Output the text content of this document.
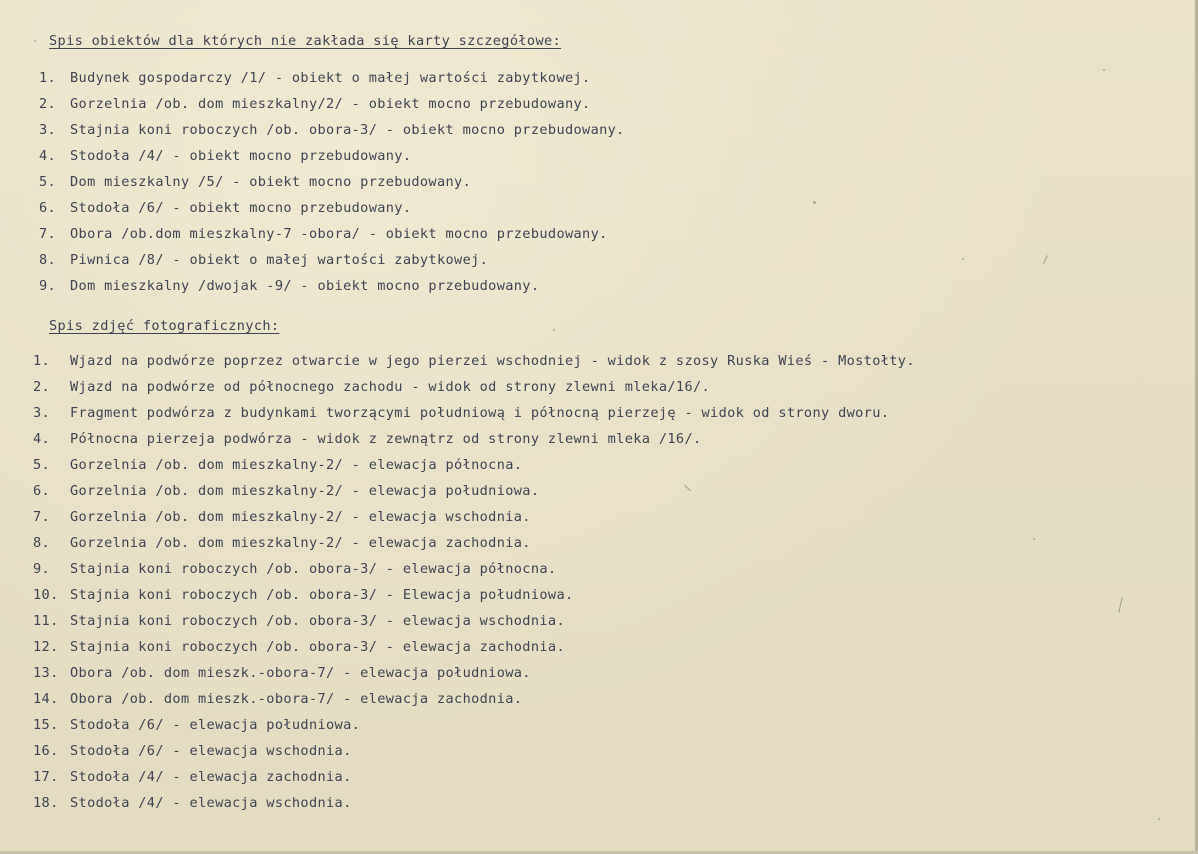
Spis obiektów dla których nie zakłada się karty szczegółowe:
1.	Budynek gospodarczy /1/ - obiekt o małej wartości zabytkowej.
2.	Gorzelnia /ob. dom mieszkalny/2/ - obiekt mocno przebudowany.
3.	Stajnia koni roboczych /ob. obora-3/ - obiekt mocno przebudowany.
4.	Stodoła /4/ - obiekt mocno przebudowany.
5.	Dom mieszkalny /5/ - obiekt mocno przebudowany.
6.	Stodoła /6/ - obiekt mocno przebudowany.
7.	Obora /ob.dom mieszkalny-7 -obora/ - obiekt mocno przebudowany.
8.	Piwnica /8/ - obiekt o małej wartości zabytkowej.
9.	Dom mieszkalny /dwojak -9/ - obiekt mocno przebudowany.
Spis zdjęć fotograficznych:
1.	Wjazd na podwórze poprzez otwarcie w jego pierzei wschodniej - widok z szosy Ruska Wieś - Mostołty.
2.	Wjazd na podwórze od północnego zachodu - widok od strony zlewni mleka/16/.
3.	Fragment podwórza z budynkami tworzącymi południową i północną pierzeję - widok od strony dworu.
4.	Północna pierzeja podwórza - widok z zewnątrz od strony zlewni mleka /16/.
5.	Gorzelnia /ob. dom mieszkalny-2/ - elewacja północna.
6.	Gorzelnia /ob. dom mieszkalny-2/ - elewacja południowa.
7.	Gorzelnia /ob. dom mieszkalny-2/ - elewacja wschodnia.
8.	Gorzelnia /ob. dom mieszkalny-2/ - elewacja zachodnia.
9.	Stajnia koni roboczych /ob. obora-3/ - elewacja północna.
10. Stajnia koni roboczych /ob. obora-3/ - Elewacja południowa.
11. Stajnia koni roboczych /ob. obora-3/ - elewacja wschodnia.
12. Stajnia koni roboczych /ob. obora-3/ - elewacja zachodnia.
13. Obora /ob. dom mieszk.-obora-7/ - elewacja południowa.
14. Obora /ob. dom mieszk.-obora-7/ - elewacja zachodnia.
15. Stodoła /6/ - elewacja południowa.
16. Stodoła /6/ - elewacja wschodnia.
17. Stodoła /4/ - elewacja zachodnia.
18. Stodoła /4/ - elewacja wschodnia.
